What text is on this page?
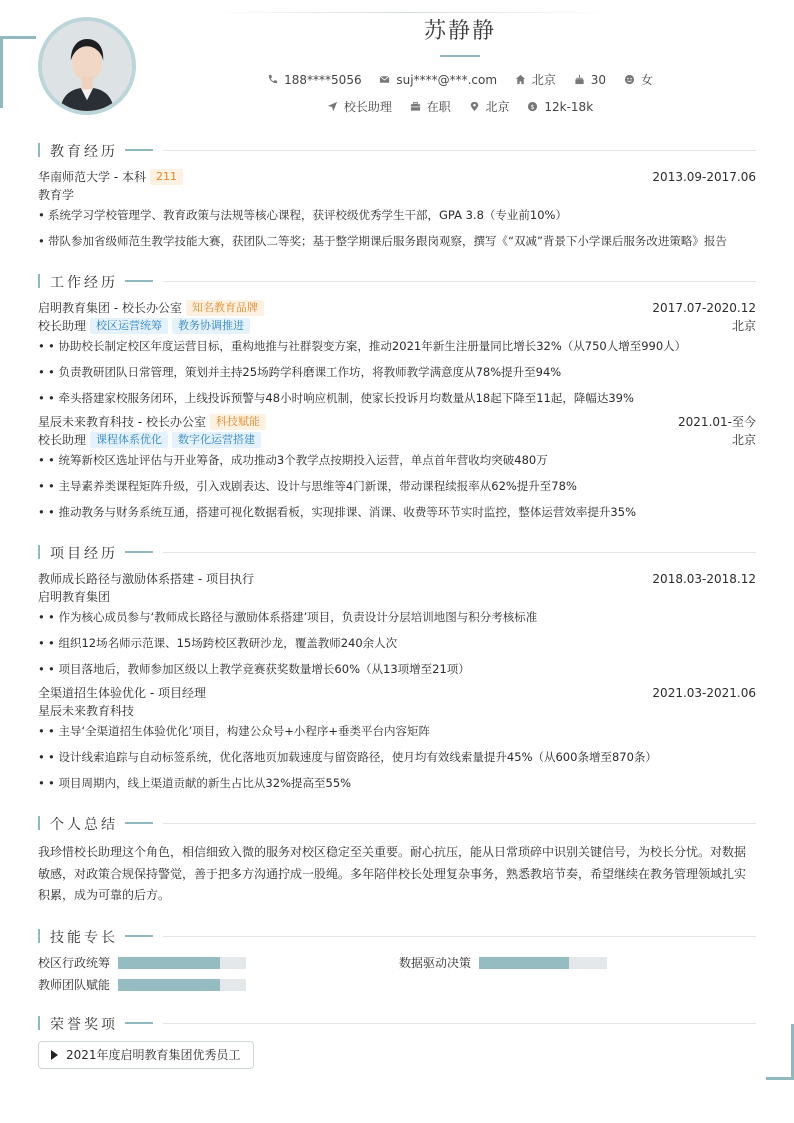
苏静静
188****5056	suj****@***.com	北京	30	女
校长助理	在职	北京	$ 12k-18k
教育经历
华南师范大学 - 本科 211	2013.09-2017.06
教育学
• 系统学习学校管理学、教育政策与法规等核心课程，获评校级优秀学生干部，GPA 3.8（专业前10%）
• 带队参加省级师范生教学技能大赛，获团队二等奖；基于整学期课后服务跟岗观察，撰写《“双减”背景下小学课后服务改进策略》报告
工作经历
启明教育集团 - 校长办公室 知名教育品牌	2017.07-2020.12
校长助理 校区运营统筹 教务协调推进	北京
• • 协助校长制定校区年度运营目标，重构地推与社群裂变方案，推动2021年新生注册量同比增长32%（从750人增至990人）
• • 负责教研团队日常管理，策划并主持25场跨学科磨课工作坊，将教师教学满意度从78%提升至94%
• • 牵头搭建家校服务闭环，上线投诉预警与48小时响应机制，使家长投诉月均数量从18起下降至11起，降幅达39%
星辰未来教育科技 - 校长办公室 科技赋能	2021.01-至今
校长助理 课程体系优化 数字化运营搭建	北京
• • 统筹新校区选址评估与开业筹备，成功推动3个教学点按期投入运营，单点首年营收均突破480万
• • 主导素养类课程矩阵升级，引入戏剧表达、设计与思维等4门新课，带动课程续报率从62%提升至78%
• • 推动教务与财务系统互通，搭建可视化数据看板，实现排课、消课、收费等环节实时监控，整体运营效率提升35%
项目经历
教师成长路径与激励体系搭建 - 项目执行	2018.03-2018.12
启明教育集团
• • 作为核心成员参与‘教师成长路径与激励体系搭建’项目，负责设计分层培训地图与积分考核标准
• • 组织12场名师示范课、15场跨校区教研沙龙，覆盖教师240余人次
• • 项目落地后，教师参加区级以上教学竞赛获奖数量增长60%（从13项增至21项）
全渠道招生体验优化 - 项目经理	2021.03-2021.06
星辰未来教育科技
• • 主导‘全渠道招生体验优化’项目，构建公众号+小程序+垂类平台内容矩阵
• • 设计线索追踪与自动标签系统，优化落地页加载速度与留资路径，使月均有效线索量提升45%（从600条增至870条）
• • 项目周期内，线上渠道贡献的新生占比从32%提高至55%
个人总结
我珍惜校长助理这个角色，相信细致入微的服务对校区稳定至关重要。耐心抗压，能从日常琐碎中识别关键信号，为校长分忧。对数据敏感，对政策合规保持警觉，善于把多方沟通拧成一股绳。多年陪伴校长处理复杂事务，熟悉教培节奏，希望继续在教务管理领域扎实积累，成为可靠的后方。
技能专长
校区行政统筹	数据驱动决策
教师团队赋能
荣誉奖项
2021年度启明教育集团优秀员工
